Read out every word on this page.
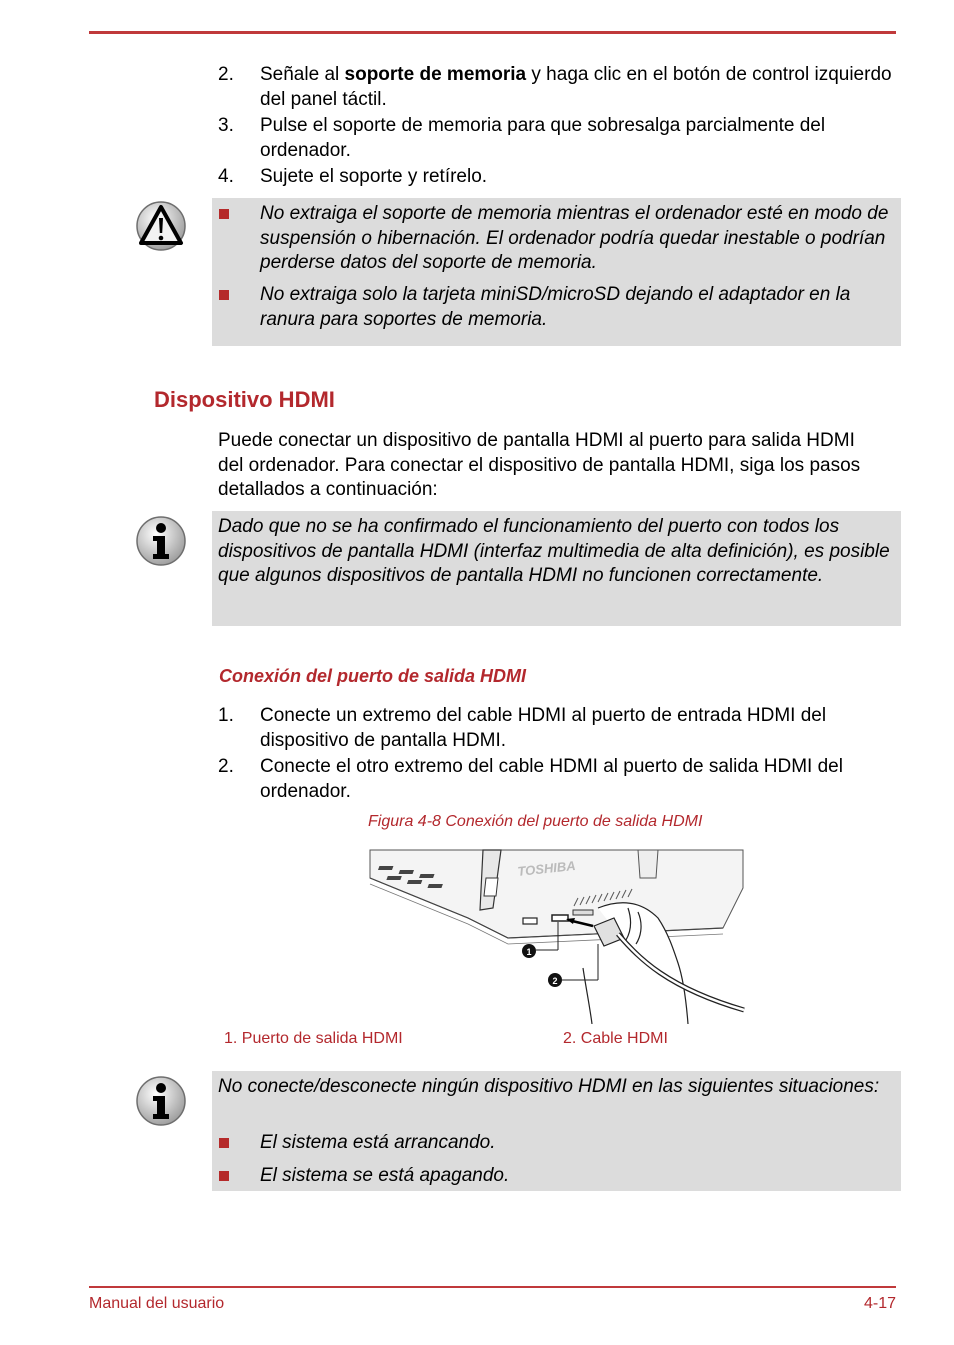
2. Señale al soporte de memoria y haga clic en el botón de control izquierdo del panel táctil.

3. Pulse el soporte de memoria para que sobresalga parcialmente del ordenador.

4. Sujete el soporte y retírelo.

No extraiga el soporte de memoria mientras el ordenador esté en modo de suspensión o hibernación. El ordenador podría quedar inestable o podrían perderse datos del soporte de memoria.

No extraiga solo la tarjeta miniSD/microSD dejando el adaptador en la ranura para soportes de memoria.

Dispositivo HDMI

Puede conectar un dispositivo de pantalla HDMI al puerto para salida HDMI del ordenador. Para conectar el dispositivo de pantalla HDMI, siga los pasos detallados a continuación:

Dado que no se ha confirmado el funcionamiento del puerto con todos los dispositivos de pantalla HDMI (interfaz multimedia de alta definición), es posible que algunos dispositivos de pantalla HDMI no funcionen correctamente.

Conexión del puerto de salida HDMI
1. Conecte un extremo del cable HDMI al puerto de entrada HDMI del dispositivo de pantalla HDMI.

2. Conecte el otro extremo del cable HDMI al puerto de salida HDMI del ordenador.

Figura 4-8 Conexión del puerto de salida HDMI
TOSHIBA
1
2
1. Puerto de salida HDMI	2. Cable HDMI

No conecte/desconecte ningún dispositivo HDMI en las siguientes situaciones:

El sistema está arrancando.

El sistema se está apagando.

Manual del usuario	4-17
